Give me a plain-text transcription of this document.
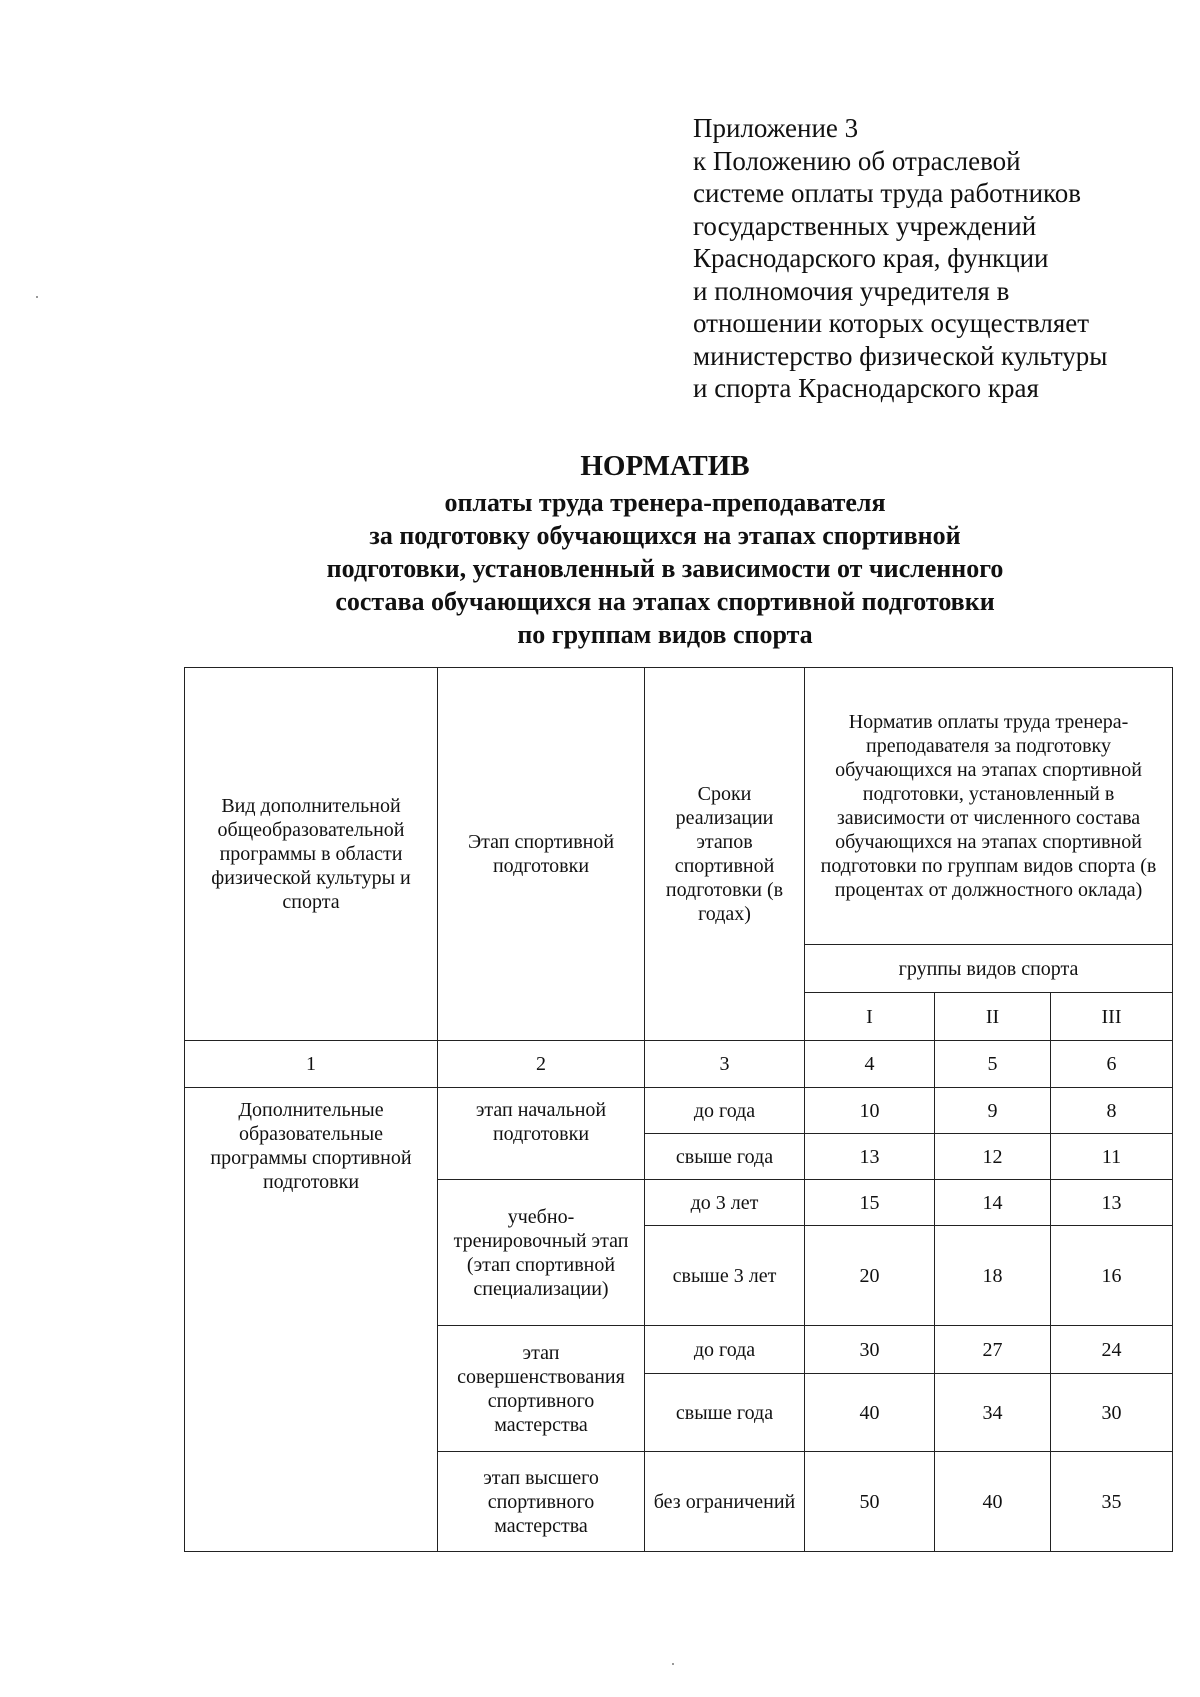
Приложение 3
к Положению об отраслевой
системе оплаты труда работников
государственных учреждений
Краснодарского края, функции
и полномочия учредителя в
отношении которых осуществляет
министерство физической культуры
и спорта Краснодарского края
НОРМАТИВ
оплаты труда тренера-преподавателя
за подготовку обучающихся на этапах спортивной
подготовки, установленный в зависимости от численного
состава обучающихся на этапах спортивной подготовки
по группам видов спорта
Вид дополнительной общеобразовательной программы в области физической культуры и спорта	Этап спортивной подготовки	Сроки реализации этапов спортивной подготовки (в годах)	Норматив оплаты труда тренера-преподавателя за подготовку обучающихся на этапах спортивной подготовки, установленный в зависимости от численного состава обучающихся на этапах спортивной подготовки по группам видов спорта (в процентах от должностного оклада)		
			группы видов спорта		
			I	II	III
1	2	3	4	5	6
Дополнительные образовательные программы спортивной подготовки	этап начальной подготовки	до года	10	9	8
		свыше года	13	12	11
	учебно-тренировочный этап (этап спортивной специализации)	до 3 лет	15	14	13
		свыше 3 лет	20	18	16
	этап совершенствования спортивного мастерства	до года	30	27	24
		свыше года	40	34	30
	этап высшего спортивного мастерства	без ограничений	50	40	35
